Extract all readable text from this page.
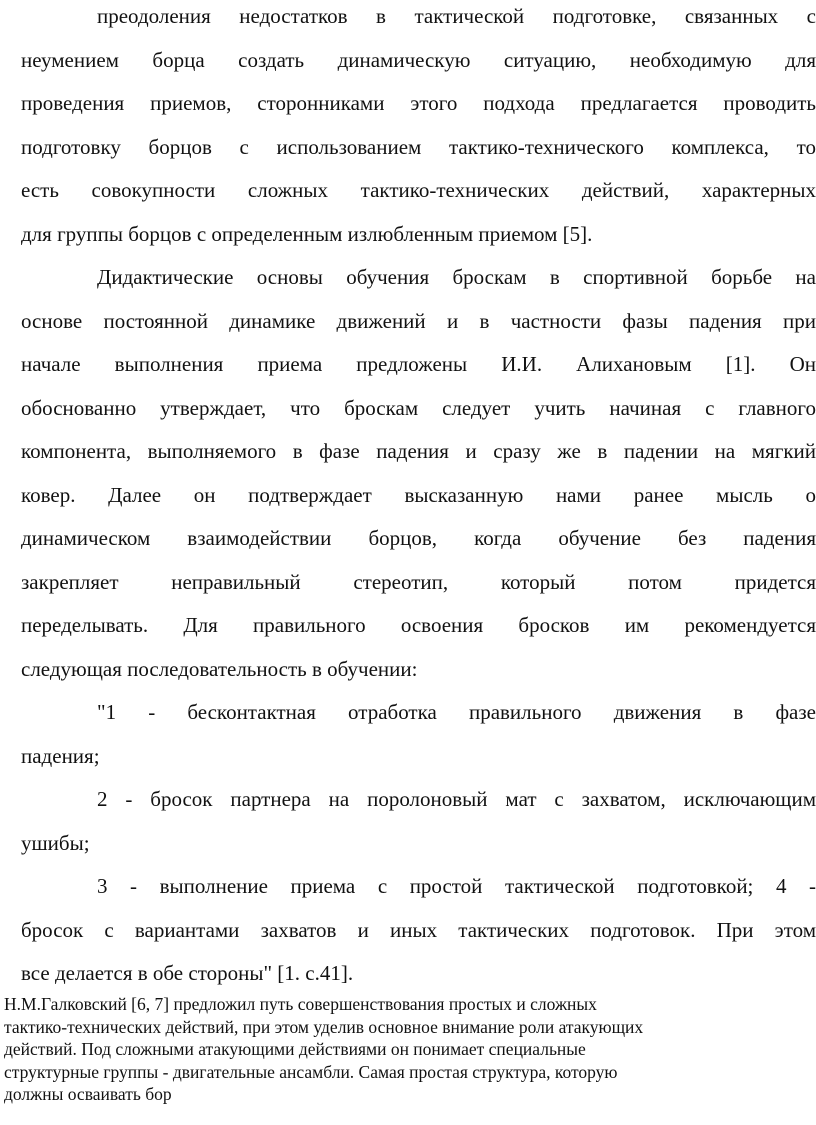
преодоления недостатков в тактической подготовке, связанных с
неумением борца создать динамическую ситуацию, необходимую для
проведения приемов, сторонниками этого подхода предлагается проводить
подготовку борцов с использованием тактико-технического комплекса, то
есть совокупности сложных тактико-технических действий, характерных
для группы борцов с определенным излюбленным приемом [5].
Дидактические основы обучения броскам в спортивной борьбе на
основе постоянной динамике движений и в частности фазы падения при
начале выполнения приема предложены И.И. Алихановым [1]. Он
обоснованно утверждает, что броскам следует учить начиная с главного
компонента, выполняемого в фазе падения и сразу же в падении на мягкий
ковер. Далее он подтверждает высказанную нами ранее мысль о
динамическом взаимодействии борцов, когда обучение без падения
закрепляет неправильный стереотип, который потом придется
переделывать. Для правильного освоения бросков им рекомендуется
следующая последовательность в обучении:
"1 - бесконтактная отработка правильного движения в фазе
падения;
2 - бросок партнера на поролоновый мат с захватом, исключающим
ушибы;
3 - выполнение приема с простой тактической подготовкой; 4 -
бросок с вариантами захватов и иных тактических подготовок. При этом
все делается в обе стороны" [1. с.41].
Н.М.Галковский [6, 7] предложил путь совершенствования простых и сложных
тактико-технических действий, при этом уделив основное внимание роли атакующих
действий. Под сложными атакующими действиями он понимает специальные
структурные группы - двигательные ансамбли. Самая простая структура, которую
должны осваивать бор
